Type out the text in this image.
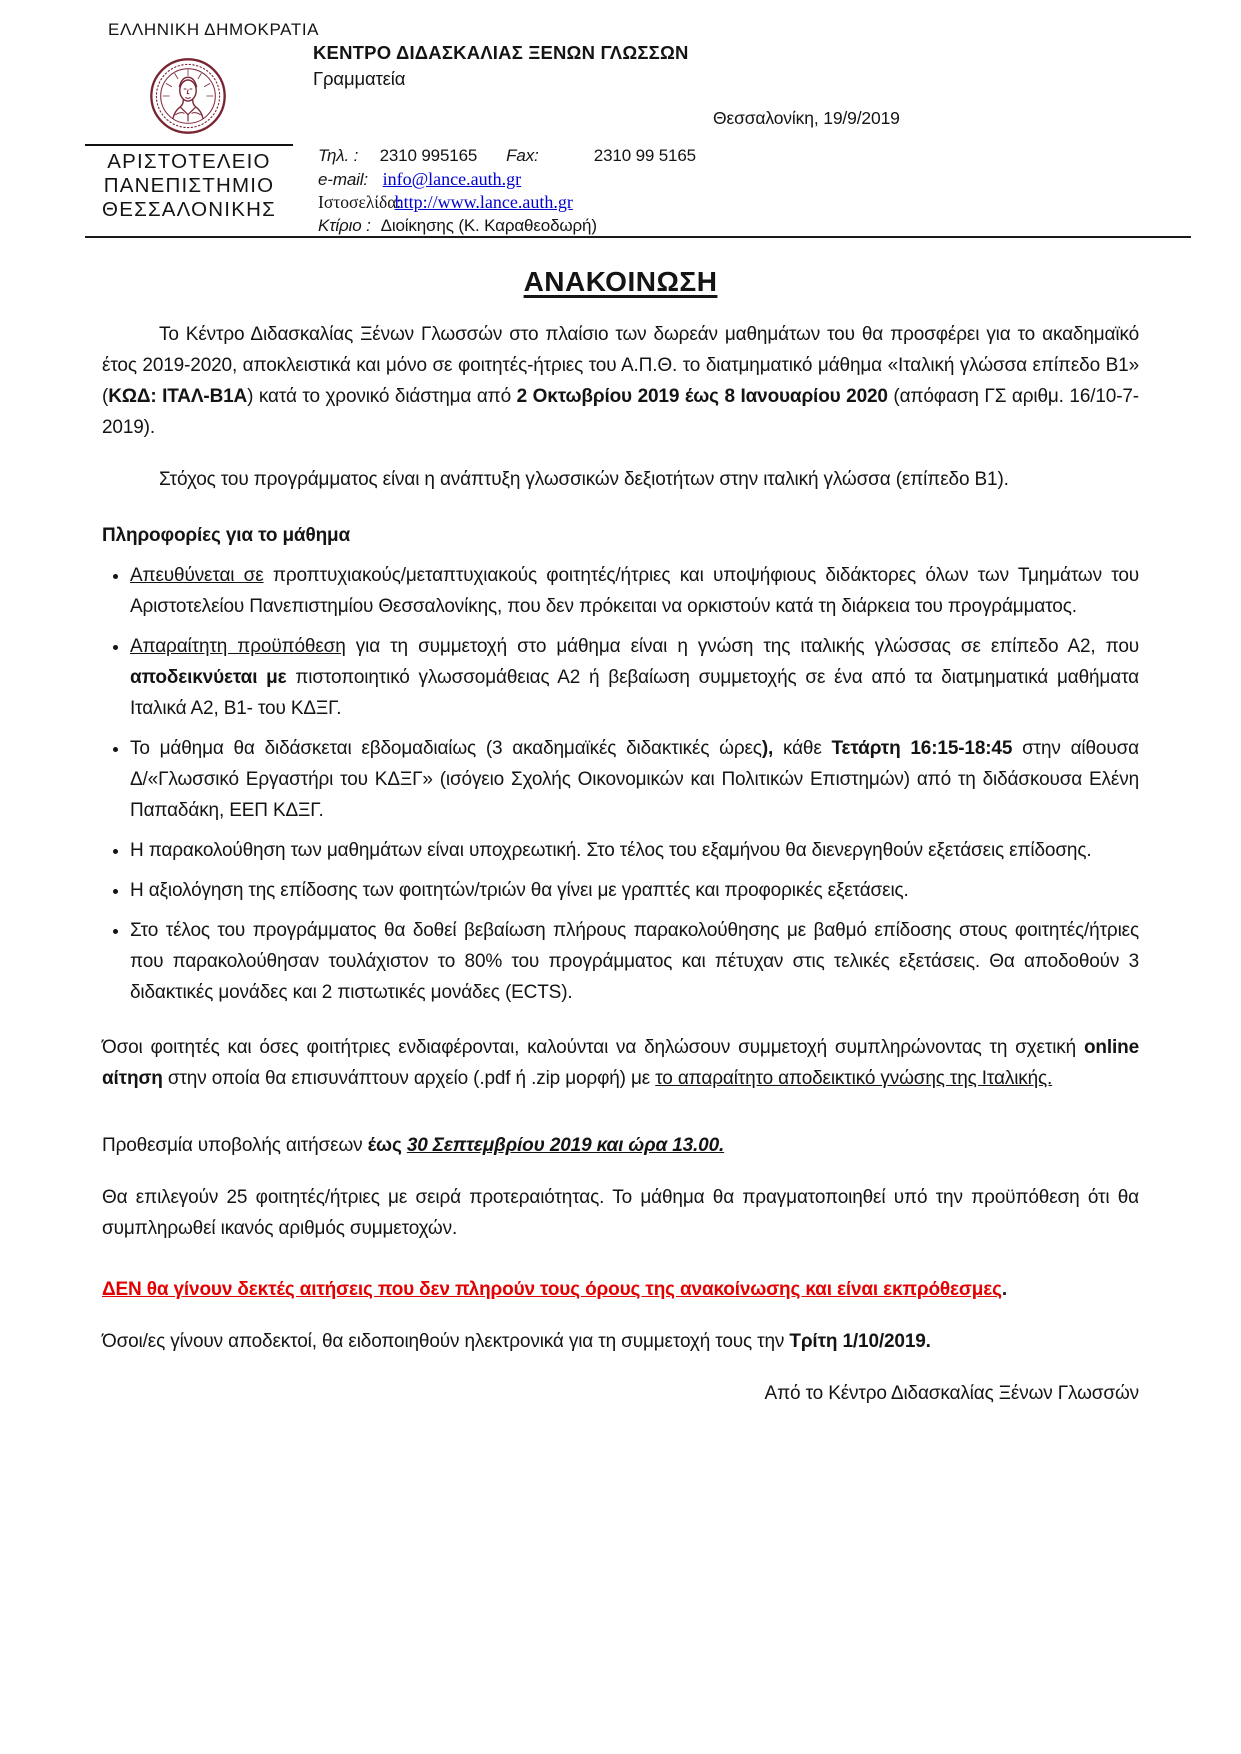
ΕΛΛΗΝΙΚΗ ΔΗΜΟΚΡΑΤΙΑ
ΑΡΙΣΤΟΤΕΛΕΙΟ
ΠΑΝΕΠΙΣΤΗΜΙΟ
ΘΕΣΣΑΛΟΝΙΚΗΣ
ΚΕΝΤΡΟ ΔΙΔΑΣΚΑΛΙΑΣ ΞΕΝΩΝ ΓΛΩΣΣΩΝ
Γραμματεία
Θεσσαλονίκη, 19/9/2019
Τηλ. : 2310 995165 Fax:	2310 99 5165
e-mail: info@lance.auth.gr
Ιστοσελίδα: http://www.lance.auth.gr
Κτίριο : Διοίκησης (Κ. Καραθεοδωρή)
ΑΝΑΚΟΙΝΩΣΗ

Το Κέντρο Διδασκαλίας Ξένων Γλωσσών στο πλαίσιο των δωρεάν μαθημάτων του θα προσφέρει για το ακαδημαϊκό έτος 2019-2020, αποκλειστικά και μόνο σε φοιτητές-ήτριες του Α.Π.Θ. το διατμηματικό μάθημα «Ιταλική γλώσσα επίπεδο Β1» (ΚΩΔ: ΙΤΑΛ-Β1Α) κατά το χρονικό διάστημα από 2 Οκτωβρίου 2019 έως 8 Ιανουαρίου 2020 (απόφαση ΓΣ αριθμ. 16/10-7-2019).

Στόχος του προγράμματος είναι η ανάπτυξη γλωσσικών δεξιοτήτων στην ιταλική γλώσσα (επίπεδο Β1).

Πληροφορίες για το μάθημα
• Απευθύνεται σε προπτυχιακούς/μεταπτυχιακούς φοιτητές/ήτριες και υποψήφιους διδάκτορες όλων των Τμημάτων του Αριστοτελείου Πανεπιστημίου Θεσσαλονίκης, που δεν πρόκειται να ορκιστούν κατά τη διάρκεια του προγράμματος.
• Απαραίτητη προϋπόθεση για τη συμμετοχή στο μάθημα είναι η γνώση της ιταλικής γλώσσας σε επίπεδο Α2, που αποδεικνύεται με πιστοποιητικό γλωσσομάθειας Α2 ή βεβαίωση συμμετοχής σε ένα από τα διατμηματικά μαθήματα Ιταλικά Α2, Β1- του ΚΔΞΓ.
• Το μάθημα θα διδάσκεται εβδομαδιαίως (3 ακαδημαϊκές διδακτικές ώρες), κάθε Τετάρτη 16:15-18:45 στην αίθουσα Δ/«Γλωσσικό Εργαστήρι του ΚΔΞΓ» (ισόγειο Σχολής Οικονομικών και Πολιτικών Επιστημών) από τη διδάσκουσα Ελένη Παπαδάκη, ΕΕΠ ΚΔΞΓ.
• Η παρακολούθηση των μαθημάτων είναι υποχρεωτική. Στο τέλος του εξαμήνου θα διενεργηθούν εξετάσεις επίδοσης.
• Η αξιολόγηση της επίδοσης των φοιτητών/τριών θα γίνει με γραπτές και προφορικές εξετάσεις.
• Στο τέλος του προγράμματος θα δοθεί βεβαίωση πλήρους παρακολούθησης με βαθμό επίδοσης στους φοιτητές/ήτριες που παρακολούθησαν τουλάχιστον το 80% του προγράμματος και πέτυχαν στις τελικές εξετάσεις. Θα αποδοθούν 3 διδακτικές μονάδες και 2 πιστωτικές μονάδες (ECTS).

Όσοι φοιτητές και όσες φοιτήτριες ενδιαφέρονται, καλούνται να δηλώσουν συμμετοχή συμπληρώνοντας τη σχετική online αίτηση στην οποία θα επισυνάπτουν αρχείο (.pdf ή .zip μορφή) με το απαραίτητο αποδεικτικό γνώσης της Ιταλικής.

Προθεσμία υποβολής αιτήσεων έως 30 Σεπτεμβρίου 2019 και ώρα 13.00.

Θα επιλεγούν 25 φοιτητές/ήτριες με σειρά προτεραιότητας. Το μάθημα θα πραγματοποιηθεί υπό την προϋπόθεση ότι θα συμπληρωθεί ικανός αριθμός συμμετοχών.

ΔΕΝ θα γίνουν δεκτές αιτήσεις που δεν πληρούν τους όρους της ανακοίνωσης και είναι εκπρόθεσμες.

Όσοι/ες γίνουν αποδεκτοί, θα ειδοποιηθούν ηλεκτρονικά για τη συμμετοχή τους την Τρίτη 1/10/2019.

Από το Κέντρο Διδασκαλίας Ξένων Γλωσσών
